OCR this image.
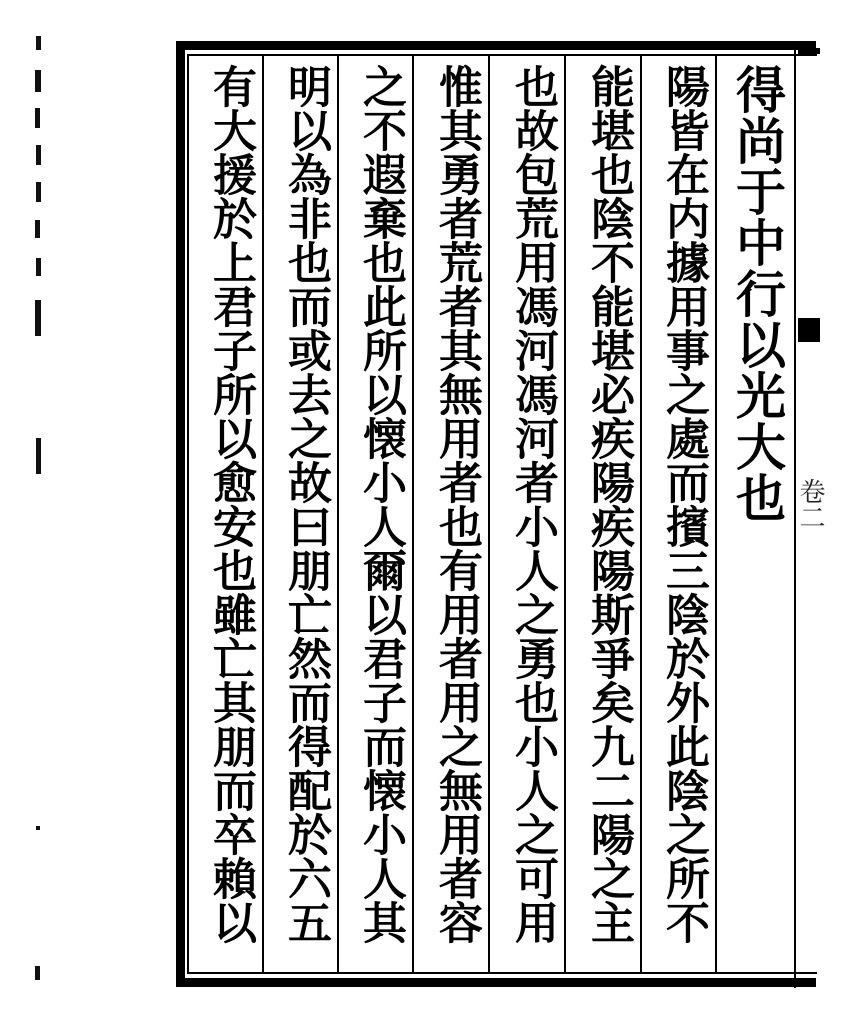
得尚于中行以光大也
陽皆在内據用事之處而擯三陰於外此陰之所不
能堪也陰不能堪必疾陽疾陽斯爭矣九二陽之主
也故包荒用馮河馮河者小人之勇也小人之可用
惟其勇者荒者其無用者也有用者用之無用者容
之不遐棄也此所以懐小人爾以君子而懐小人其
明以為非也而或去之故曰朋亡然而得配於六五
有大援於上君子所以愈安也雖亡其朋而卒賴以	卷二
